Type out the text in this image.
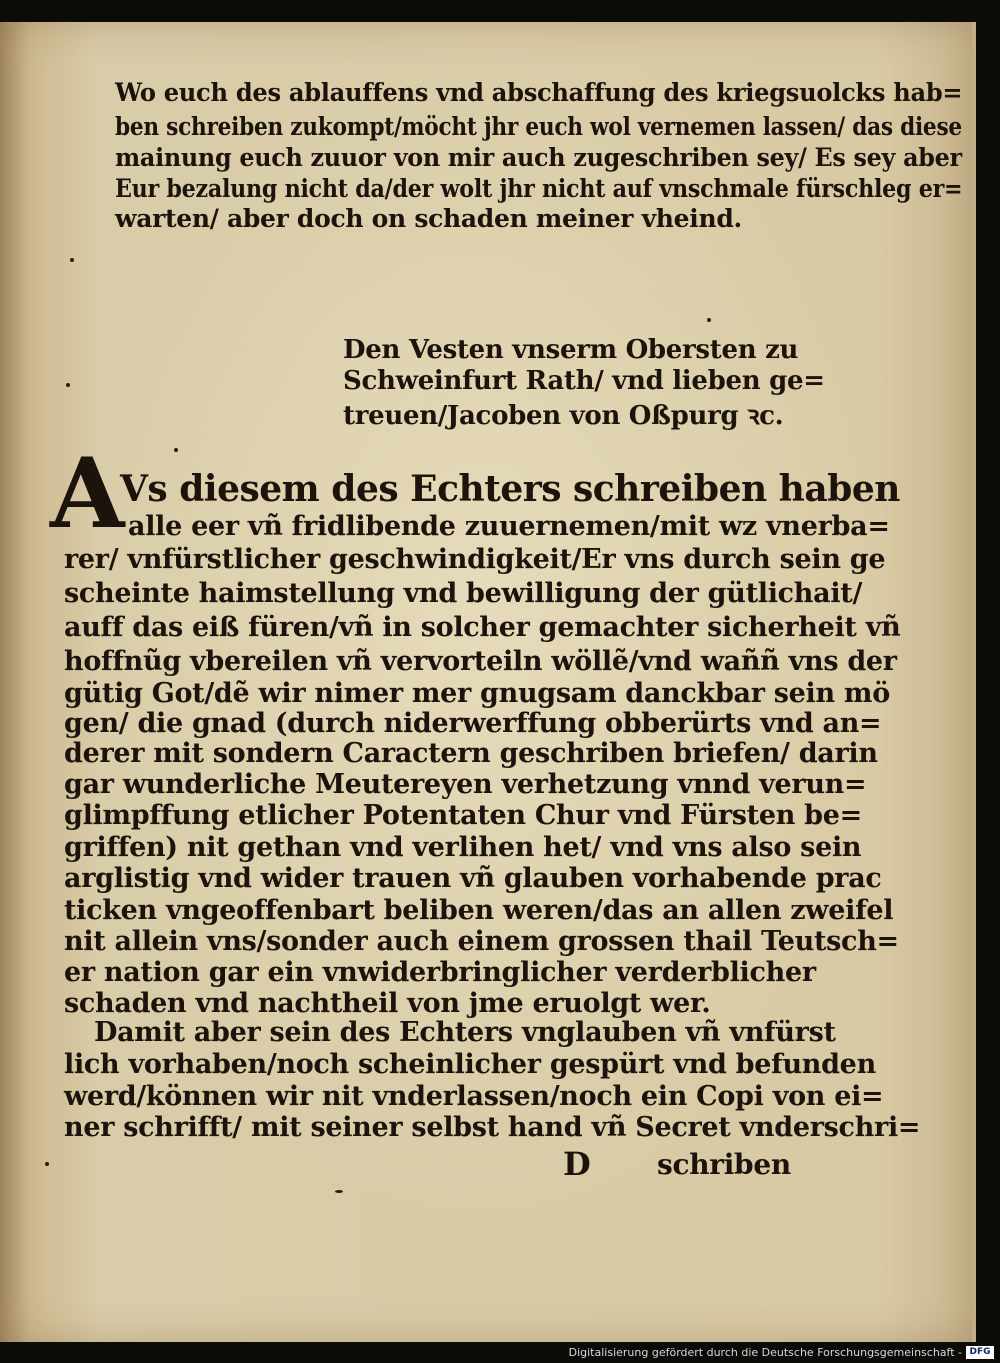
Wo euch des ablauffens vnd abschaffung des kriegsuolcks hab=
ben schreiben zukompt/möcht jhr euch wol vernemen lassen/ das diese
mainung euch zuuor von mir auch zugeschriben sey/ Es sey aber
Eur bezalung nicht da/der wolt jhr nicht auf vnschmale fürschleg er=
warten/ aber doch on schaden meiner vheind.
Den Vesten vnserm Obersten zu
Schweinfurt Rath/ vnd lieben ge=
treuen/Jacoben von Oßpurg ꝛc.
A
Vs diesem des Echters schreiben haben
alle eer vñ fridlibende zuuernemen/mit wz vnerba=
rer/ vnfürstlicher geschwindigkeit/Er vns durch sein ge
scheinte haimstellung vnd bewilligung der gütlichait/
auff das eiß füren/vñ in solcher gemachter sicherheit vñ
hoffnũg vbereilen vñ vervorteiln wöllẽ/vnd waññ vns der
gütig Got/dẽ wir nimer mer gnugsam danckbar sein mö
gen/ die gnad (durch niderwerffung obberürts vnd an=
derer mit sondern Caractern geschriben briefen/ darin
gar wunderliche Meutereyen verhetzung vnnd verun=
glimpffung etlicher Potentaten Chur vnd Fürsten be=
griffen) nit gethan vnd verlihen het/ vnd vns also sein
arglistig vnd wider trauen vñ glauben vorhabende prac
ticken vngeoffenbart beliben weren/das an allen zweifel
nit allein vns/sonder auch einem grossen thail Teutsch=
er nation gar ein vnwiderbringlicher verderblicher
schaden vnd nachtheil von jme eruolgt wer.
Damit aber sein des Echters vnglauben vñ vnfürst
lich vorhaben/noch scheinlicher gespürt vnd befunden
werd/können wir nit vnderlassen/noch ein Copi von ei=
ner schrifft/ mit seiner selbst hand vñ Secret vnderschri=
D schriben
Digitalisierung gefördert durch die Deutsche Forschungsgemeinschaft - DFG
